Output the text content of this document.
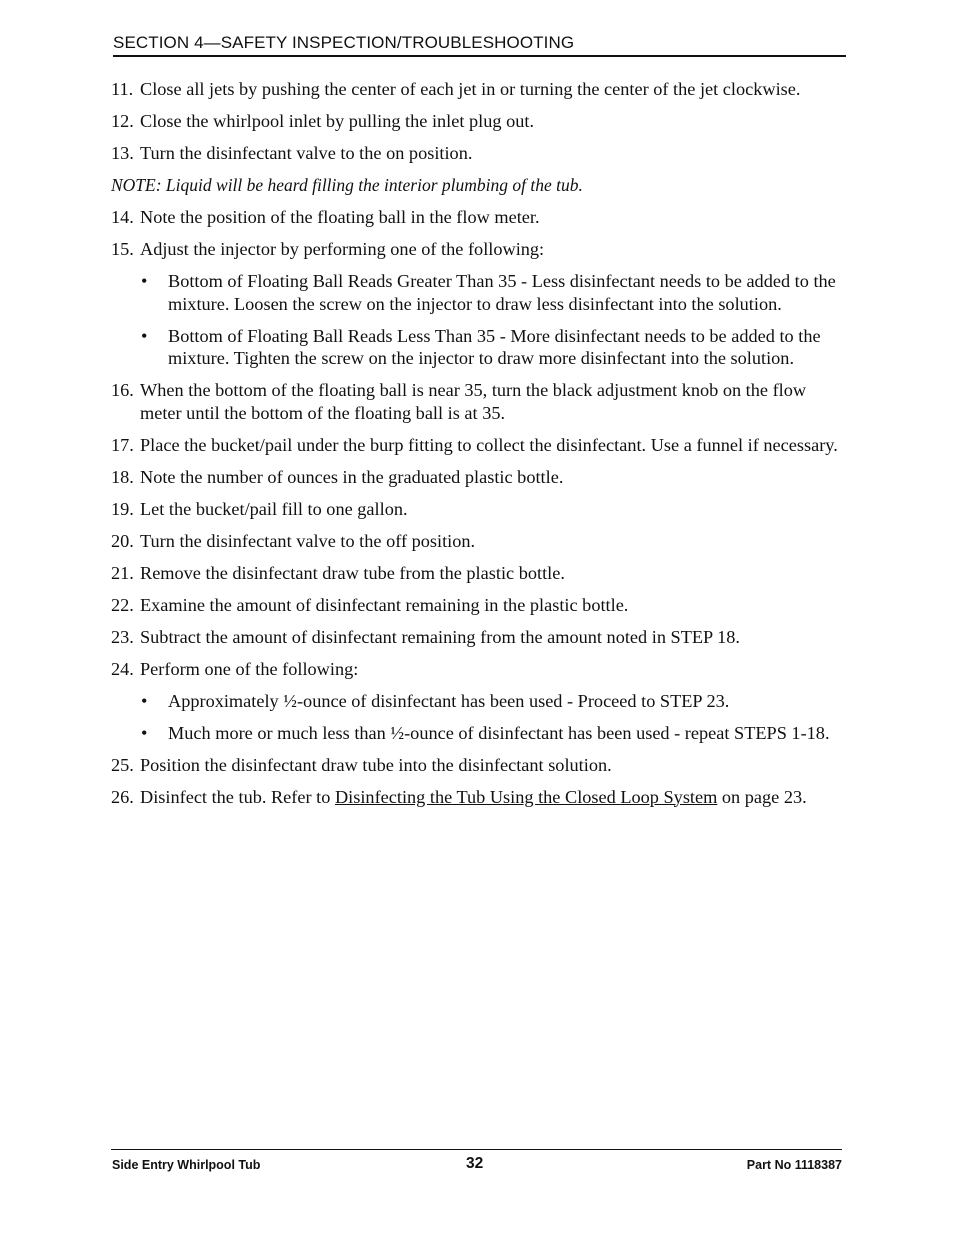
SECTION 4—SAFETY INSPECTION/TROUBLESHOOTING
11. Close all jets by pushing the center of each jet in or turning the center of the jet clockwise.
12. Close the whirlpool inlet by pulling the inlet plug out.
13. Turn the disinfectant valve to the on position.
NOTE: Liquid will be heard filling the interior plumbing of the tub.
14. Note the position of the floating ball in the flow meter.
15. Adjust the injector by performing one of the following:
• Bottom of Floating Ball Reads Greater Than 35 - Less disinfectant needs to be added to the mixture. Loosen the screw on the injector to draw less disinfectant into the solution.
• Bottom of Floating Ball Reads Less Than 35 - More disinfectant needs to be added to the mixture. Tighten the screw on the injector to draw more disinfectant into the solution.
16. When the bottom of the floating ball is near 35, turn the black adjustment knob on the flow meter until the bottom of the floating ball is at 35.
17. Place the bucket/pail under the burp fitting to collect the disinfectant. Use a funnel if necessary.
18. Note the number of ounces in the graduated plastic bottle.
19. Let the bucket/pail fill to one gallon.
20. Turn the disinfectant valve to the off position.
21. Remove the disinfectant draw tube from the plastic bottle.
22. Examine the amount of disinfectant remaining in the plastic bottle.
23. Subtract the amount of disinfectant remaining from the amount noted in STEP 18.
24. Perform one of the following:
• Approximately ½-ounce of disinfectant has been used - Proceed to STEP 23.
• Much more or much less than ½-ounce of disinfectant has been used - repeat STEPS 1-18.
25. Position the disinfectant draw tube into the disinfectant solution.
26. Disinfect the tub. Refer to Disinfecting the Tub Using the Closed Loop System on page 23.
Side Entry Whirlpool Tub	32	Part No 1118387
